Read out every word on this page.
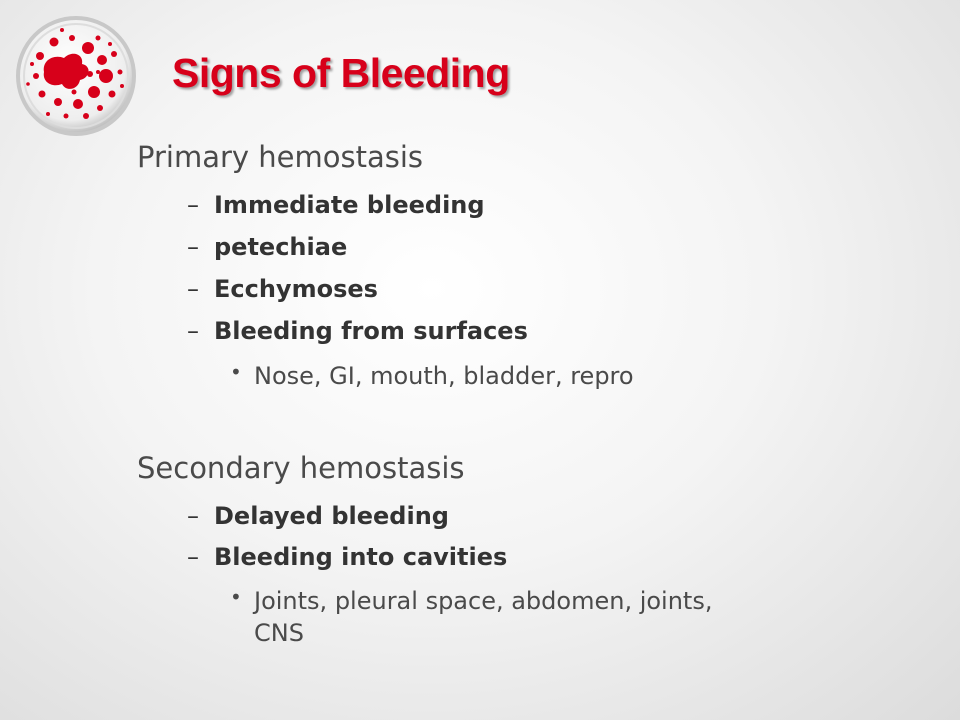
Signs of Bleeding
Primary hemostasis
– Immediate bleeding
– petechiae
– Ecchymoses
– Bleeding from surfaces
• Nose, GI, mouth, bladder, repro
Secondary hemostasis
– Delayed bleeding
– Bleeding into cavities
• Joints, pleural space, abdomen, joints, CNS
